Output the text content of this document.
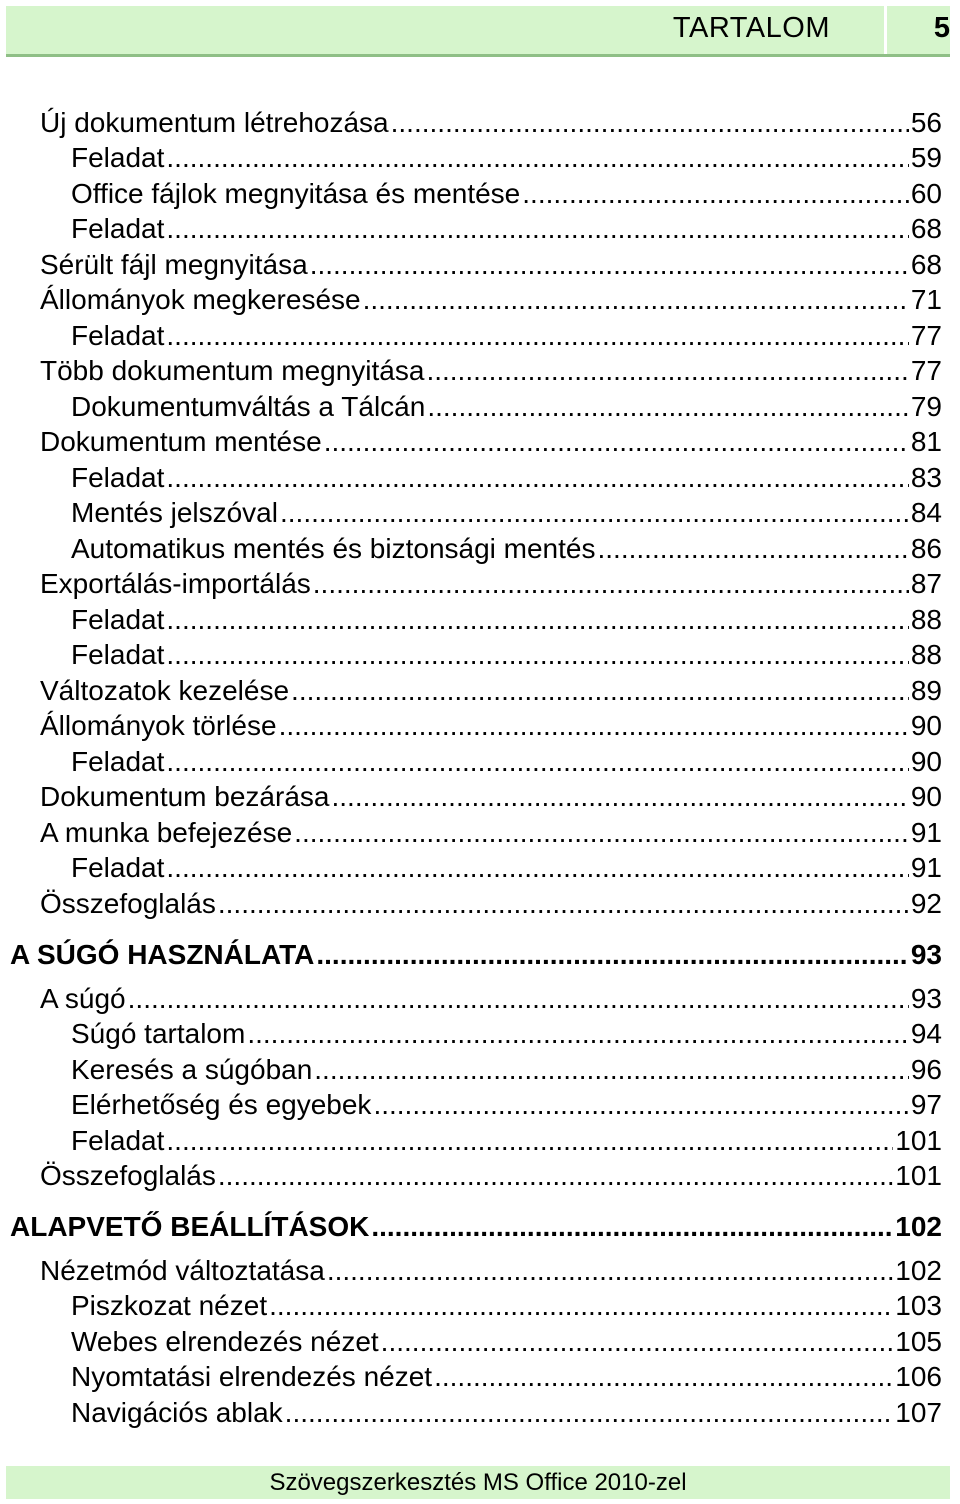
TARTALOM	5
Új dokumentum létrehozása .....	56
Feladat .....	59
Office fájlok megnyitása és mentése .....	60
Feladat .....	68
Sérült fájl megnyitása .....	68
Állományok megkeresése .....	71
Feladat .....	77
Több dokumentum megnyitása .....	77
Dokumentumváltás a Tálcán .....	79
Dokumentum mentése .....	81
Feladat .....	83
Mentés jelszóval .....	84
Automatikus mentés és biztonsági mentés .....	86
Exportálás-importálás .....	87
Feladat .....	88
Feladat .....	88
Változatok kezelése .....	89
Állományok törlése .....	90
Feladat .....	90
Dokumentum bezárása .....	90
A munka befejezése .....	91
Feladat .....	91
Összefoglalás .....	92
A SÚGÓ HASZNÁLATA .....	93
A súgó .....	93
Súgó tartalom .....	94
Keresés a súgóban .....	96
Elérhetőség és egyebek .....	97
Feladat .....	101
Összefoglalás .....	101
ALAPVETŐ BEÁLLÍTÁSOK .....	102
Nézetmód változtatása .....	102
Piszkozat nézet .....	103
Webes elrendezés nézet .....	105
Nyomtatási elrendezés nézet .....	106
Navigációs ablak .....	107
Szövegszerkesztés MS Office 2010-zel
